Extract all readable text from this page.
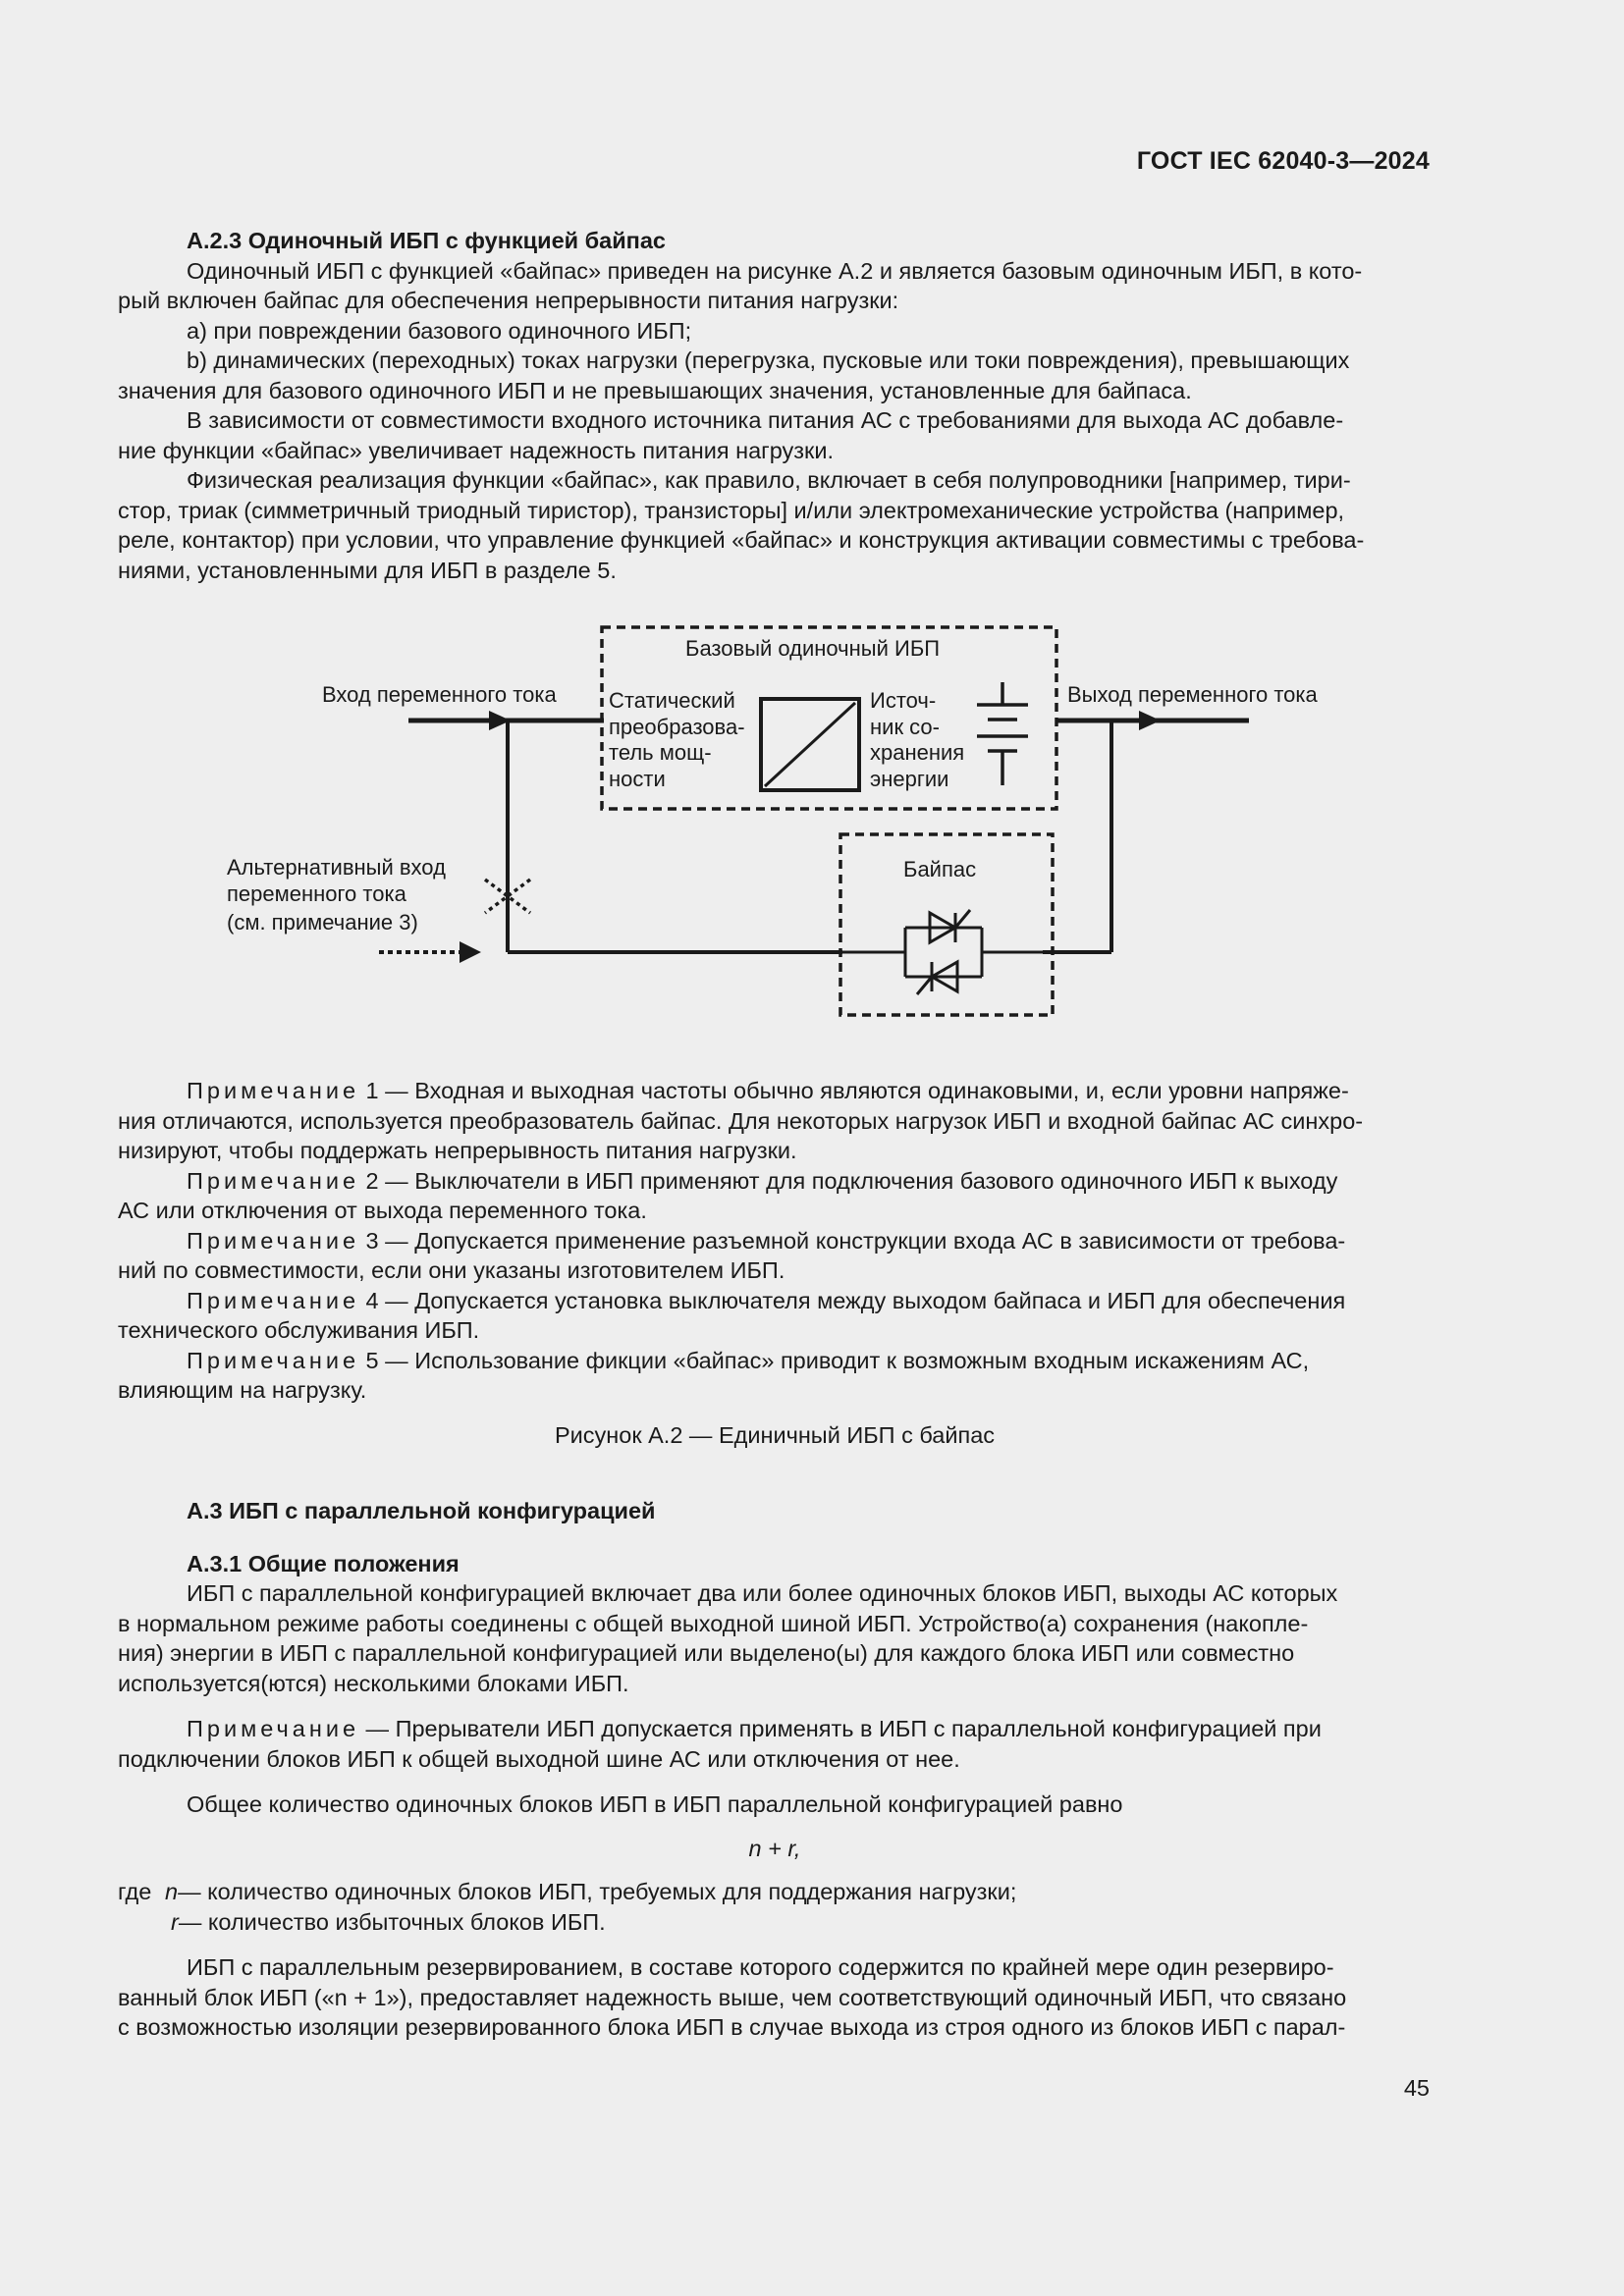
ГОСТ IEC 62040-3—2024

А.2.3 Одиночный ИБП с функцией байпас

Одиночный ИБП с функцией «байпас» приведен на рисунке А.2 и является базовым одиночным ИБП, в кото-

рый включен байпас для обеспечения непрерывности питания нагрузки:

a) при повреждении базового одиночного ИБП;

b) динамических (переходных) токах нагрузки (перегрузка, пусковые или токи повреждения), превышающих

значения для базового одиночного ИБП и не превышающих значения, установленные для байпаса.

В зависимости от совместимости входного источника питания АС с требованиями для выхода АС добавле-

ние функции «байпас» увеличивает надежность питания нагрузки.

Физическая реализация функции «байпас», как правило, включает в себя полупроводники [например, тири-

стор, триак (симметричный триодный тиристор), транзисторы] и/или электромеханические устройства (например,

реле, контактор) при условии, что управление функцией «байпас» и конструкция активации совместимы с требова-

ниями, установленными для ИБП в разделе 5.

Базовый одиночный ИБП
Вход переменного тока Статический преобразова- тель мощ- ности
Источ- ник со- хранения энергии
Выход переменного тока
Байпас
Альтернативный вход переменного тока (см. примечание 3)

Примечание 1 — Входная и выходная частоты обычно являются одинаковыми, и, если уровни напряже-

ния отличаются, используется преобразователь байпас. Для некоторых нагрузок ИБП и входной байпас АС синхро-

низируют, чтобы поддержать непрерывность питания нагрузки.

Примечание 2 — Выключатели в ИБП применяют для подключения базового одиночного ИБП к выходу

АС или отключения от выхода переменного тока.

Примечание 3 — Допускается применение разъемной конструкции входа АС в зависимости от требова-

ний по совместимости, если они указаны изготовителем ИБП.

Примечание 4 — Допускается установка выключателя между выходом байпаса и ИБП для обеспечения

технического обслуживания ИБП.

Примечание 5 — Использование фикции «байпас» приводит к возможным входным искажениям АС,

влияющим на нагрузку.

Рисунок А.2 — Единичный ИБП с байпас

А.3 ИБП с параллельной конфигурацией

А.3.1 Общие положения

ИБП с параллельной конфигурацией включает два или более одиночных блоков ИБП, выходы АС которых

в нормальном режиме работы соединены с общей выходной шиной ИБП. Устройство(а) сохранения (накопле-

ния) энергии в ИБП с параллельной конфигурацией или выделено(ы) для каждого блока ИБП или совместно

используется(ются) несколькими блоками ИБП.

Примечание — Прерыватели ИБП допускается применять в ИБП с параллельной конфигурацией при

подключении блоков ИБП к общей выходной шине АС или отключения от нее.

Общее количество одиночных блоков ИБП в ИБП параллельной конфигурацией равно

n + r,

где n — количество одиночных блоков ИБП, требуемых для поддержания нагрузки;
r — количество избыточных блоков ИБП.

ИБП с параллельным резервированием, в составе которого содержится по крайней мере один резервиро-

ванный блок ИБП («n + 1»), предоставляет надежность выше, чем соответствующий одиночный ИБП, что связано

с возможностью изоляции резервированного блока ИБП в случае выхода из строя одного из блоков ИБП с парал-

45
